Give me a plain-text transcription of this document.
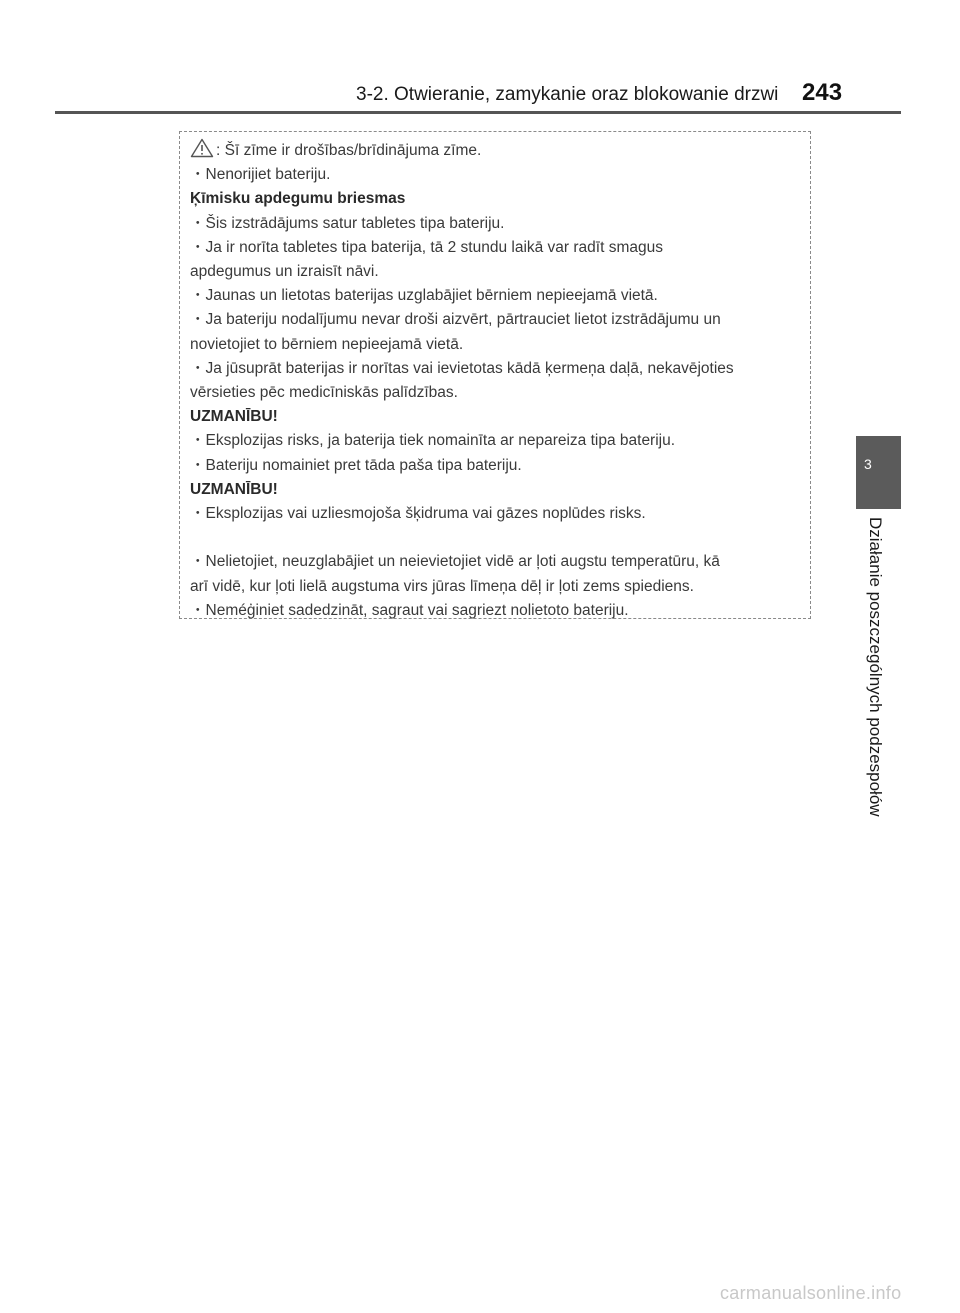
3-2. Otwieranie, zamykanie oraz blokowanie drzwi 243
: Šī zīme ir drošības/brīdinājuma zīme.
・Nenorijiet bateriju.
Ķīmisku apdegumu briesmas
・Šis izstrādājums satur tabletes tipa bateriju.
・Ja ir norīta tabletes tipa baterija, tā 2 stundu laikā var radīt smagus
apdegumus un izraisīt nāvi.
・Jaunas un lietotas baterijas uzglabājiet bērniem nepieejamā vietā.
・Ja bateriju nodalījumu nevar droši aizvērt, pārtrauciet lietot izstrādājumu un
novietojiet to bērniem nepieejamā vietā.
・Ja jūsuprāt baterijas ir norītas vai ievietotas kādā ķermeņa daļā, nekavējoties
vērsieties pēc medicīniskās palīdzības.
UZMANĪBU!
・Eksplozijas risks, ja baterija tiek nomainīta ar nepareiza tipa bateriju.
・Bateriju nomainiet pret tāda paša tipa bateriju.
UZMANĪBU!
・Eksplozijas vai uzliesmojoša šķidruma vai gāzes noplūdes risks.
・Nelietojiet, neuzglabājiet un neievietojiet vidē ar ļoti augstu temperatūru, kā
arī vidē, kur ļoti lielā augstuma virs jūras līmeņa dēļ ir ļoti zems spiediens.
・Neméģiniet sadedzināt, sagraut vai sagriezt nolietoto bateriju.
3
Działanie poszczególnych podzespołów
carmanualsonline.info
